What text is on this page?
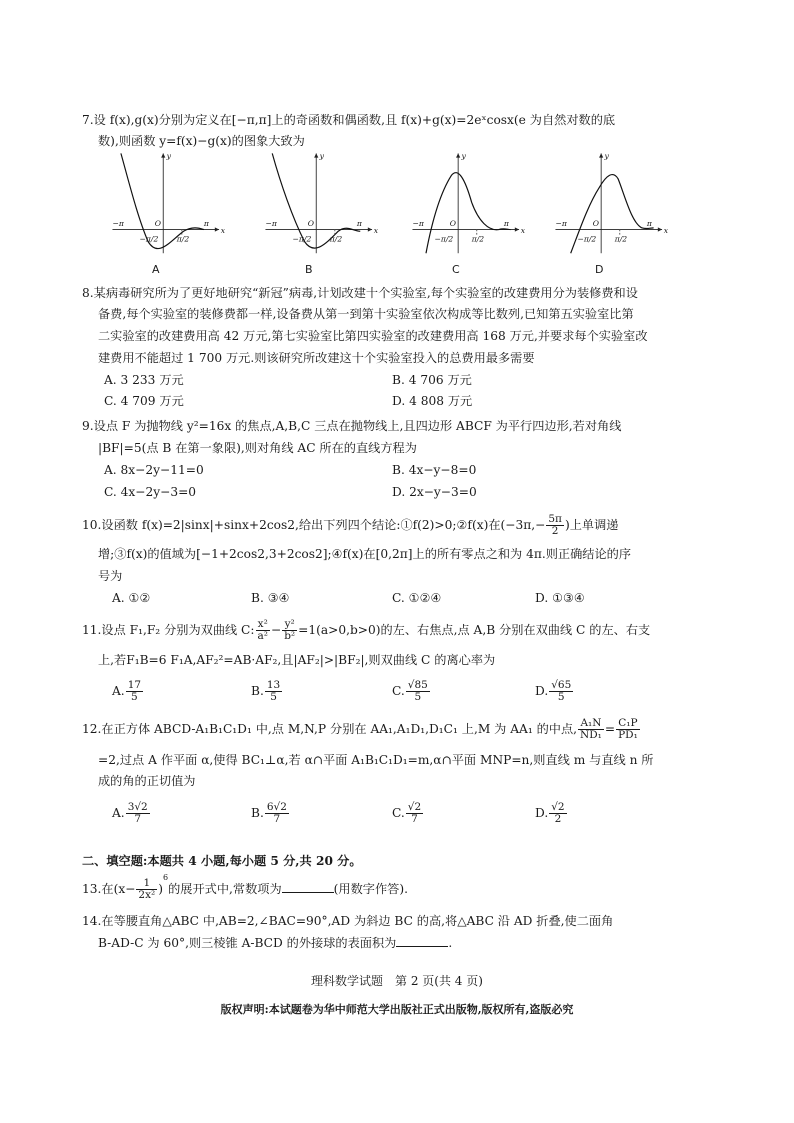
7.设 f(x),g(x)分别为定义在[−π,π]上的奇函数和偶函数,且 f(x)+g(x)=2eˣcosx(e 为自然对数的底
数),则函数 y=f(x)−g(x)的图象大致为
y
x
−π
−π/2
O
π/2
π
A
y
x
−π
−π/2
O
π/2
π
B
y
x
−π
−π/2
O
π/2
π
C
y
x
−π
−π/2
O
π/2
π
D
8.某病毒研究所为了更好地研究“新冠”病毒,计划改建十个实验室,每个实验室的改建费用分为装修费和设
备费,每个实验室的装修费都一样,设备费从第一到第十实验室依次构成等比数列,已知第五实验室比第
二实验室的改建费用高 42 万元,第七实验室比第四实验室的改建费用高 168 万元,并要求每个实验室改
建费用不能超过 1 700 万元.则该研究所改建这十个实验室投入的总费用最多需要
A. 3 233 万元	B. 4 706 万元
C. 4 709 万元	D. 4 808 万元
9.设点 F 为抛物线 y²=16x 的焦点,A,B,C 三点在抛物线上,且四边形 ABCF 为平行四边形,若对角线
|BF|=5(点 B 在第一象限),则对角线 AC 所在的直线方程为
A. 8x−2y−11=0	B. 4x−y−8=0
C. 4x−2y−3=0	D. 2x−y−3=0
10.设函数 f(x)=2|sinx|+sinx+2cos2,给出下列四个结论:①f(2)>0;②f(x)在($-3\pi,- \frac{5\pi}{2}$ )上单调递
增;③f(x)的值域为[−1+2cos2,3+2cos2];④f(x)在[0,2π]上的所有零点之和为 4π.则正确结论的序
号为
A. ①②	B. ③④	C. ①②④	D. ①③④
11.设点 F₁,F₂ 分别为双曲线 C: $\frac{\text{x²}}{\text{a²}} - \frac{\text{y²}}{\text{b²}} =1(a>0,b>0)$的左、右焦点,点 A,B 分别在双曲线 C 的左、右支
上,若F₁B=6 F₁A,AF₂²=AB·AF₂,且|AF₂|>|BF₂|,则双曲线 C 的离心率为
A. $\frac{17}{5}$	B. $\frac{13}{5}$	C. $\frac{√85}{5}$	D. $\frac{√65}{5}$
12.在正方体 ABCD-A₁B₁C₁D₁ 中,点 M,N,P 分别在 AA₁,A₁D₁,D₁C₁ 上,M 为 AA₁ 的中点, $\frac{\text{A₁N}}{\text{ND₁}} = \frac{\text{C₁P}}{\text{PD₁}}$
=2,过点 A 作平面 α,使得 BC₁⊥α,若 α∩平面 A₁B₁C₁D₁=m,α∩平面 MNP=n,则直线 m 与直线 n 所
成的角的正切值为
A. $\frac{3√2}{7}$	B. $\frac{6√2}{7}$	C. $\frac{√2}{7}$	D. $\frac{√2}{2}$
二、填空题:本题共 4 小题,每小题 5 分,共 20 分。
13.在$(x- \frac{1}{\text{2x²}} )^6$的展开式中,常数项为	(用数字作答).
14.在等腰直角△ABC 中,AB=2,∠BAC=90°,AD 为斜边 BC 的高,将△ABC 沿 AD 折叠,使二面角
B-AD-C 为 60°,则三棱锥 A-BCD 的外接球的表面积为	.
理科数学试题　第 2 页(共 4 页)
版权声明:本试题卷为华中师范大学出版社正式出版物,版权所有,盗版必究
